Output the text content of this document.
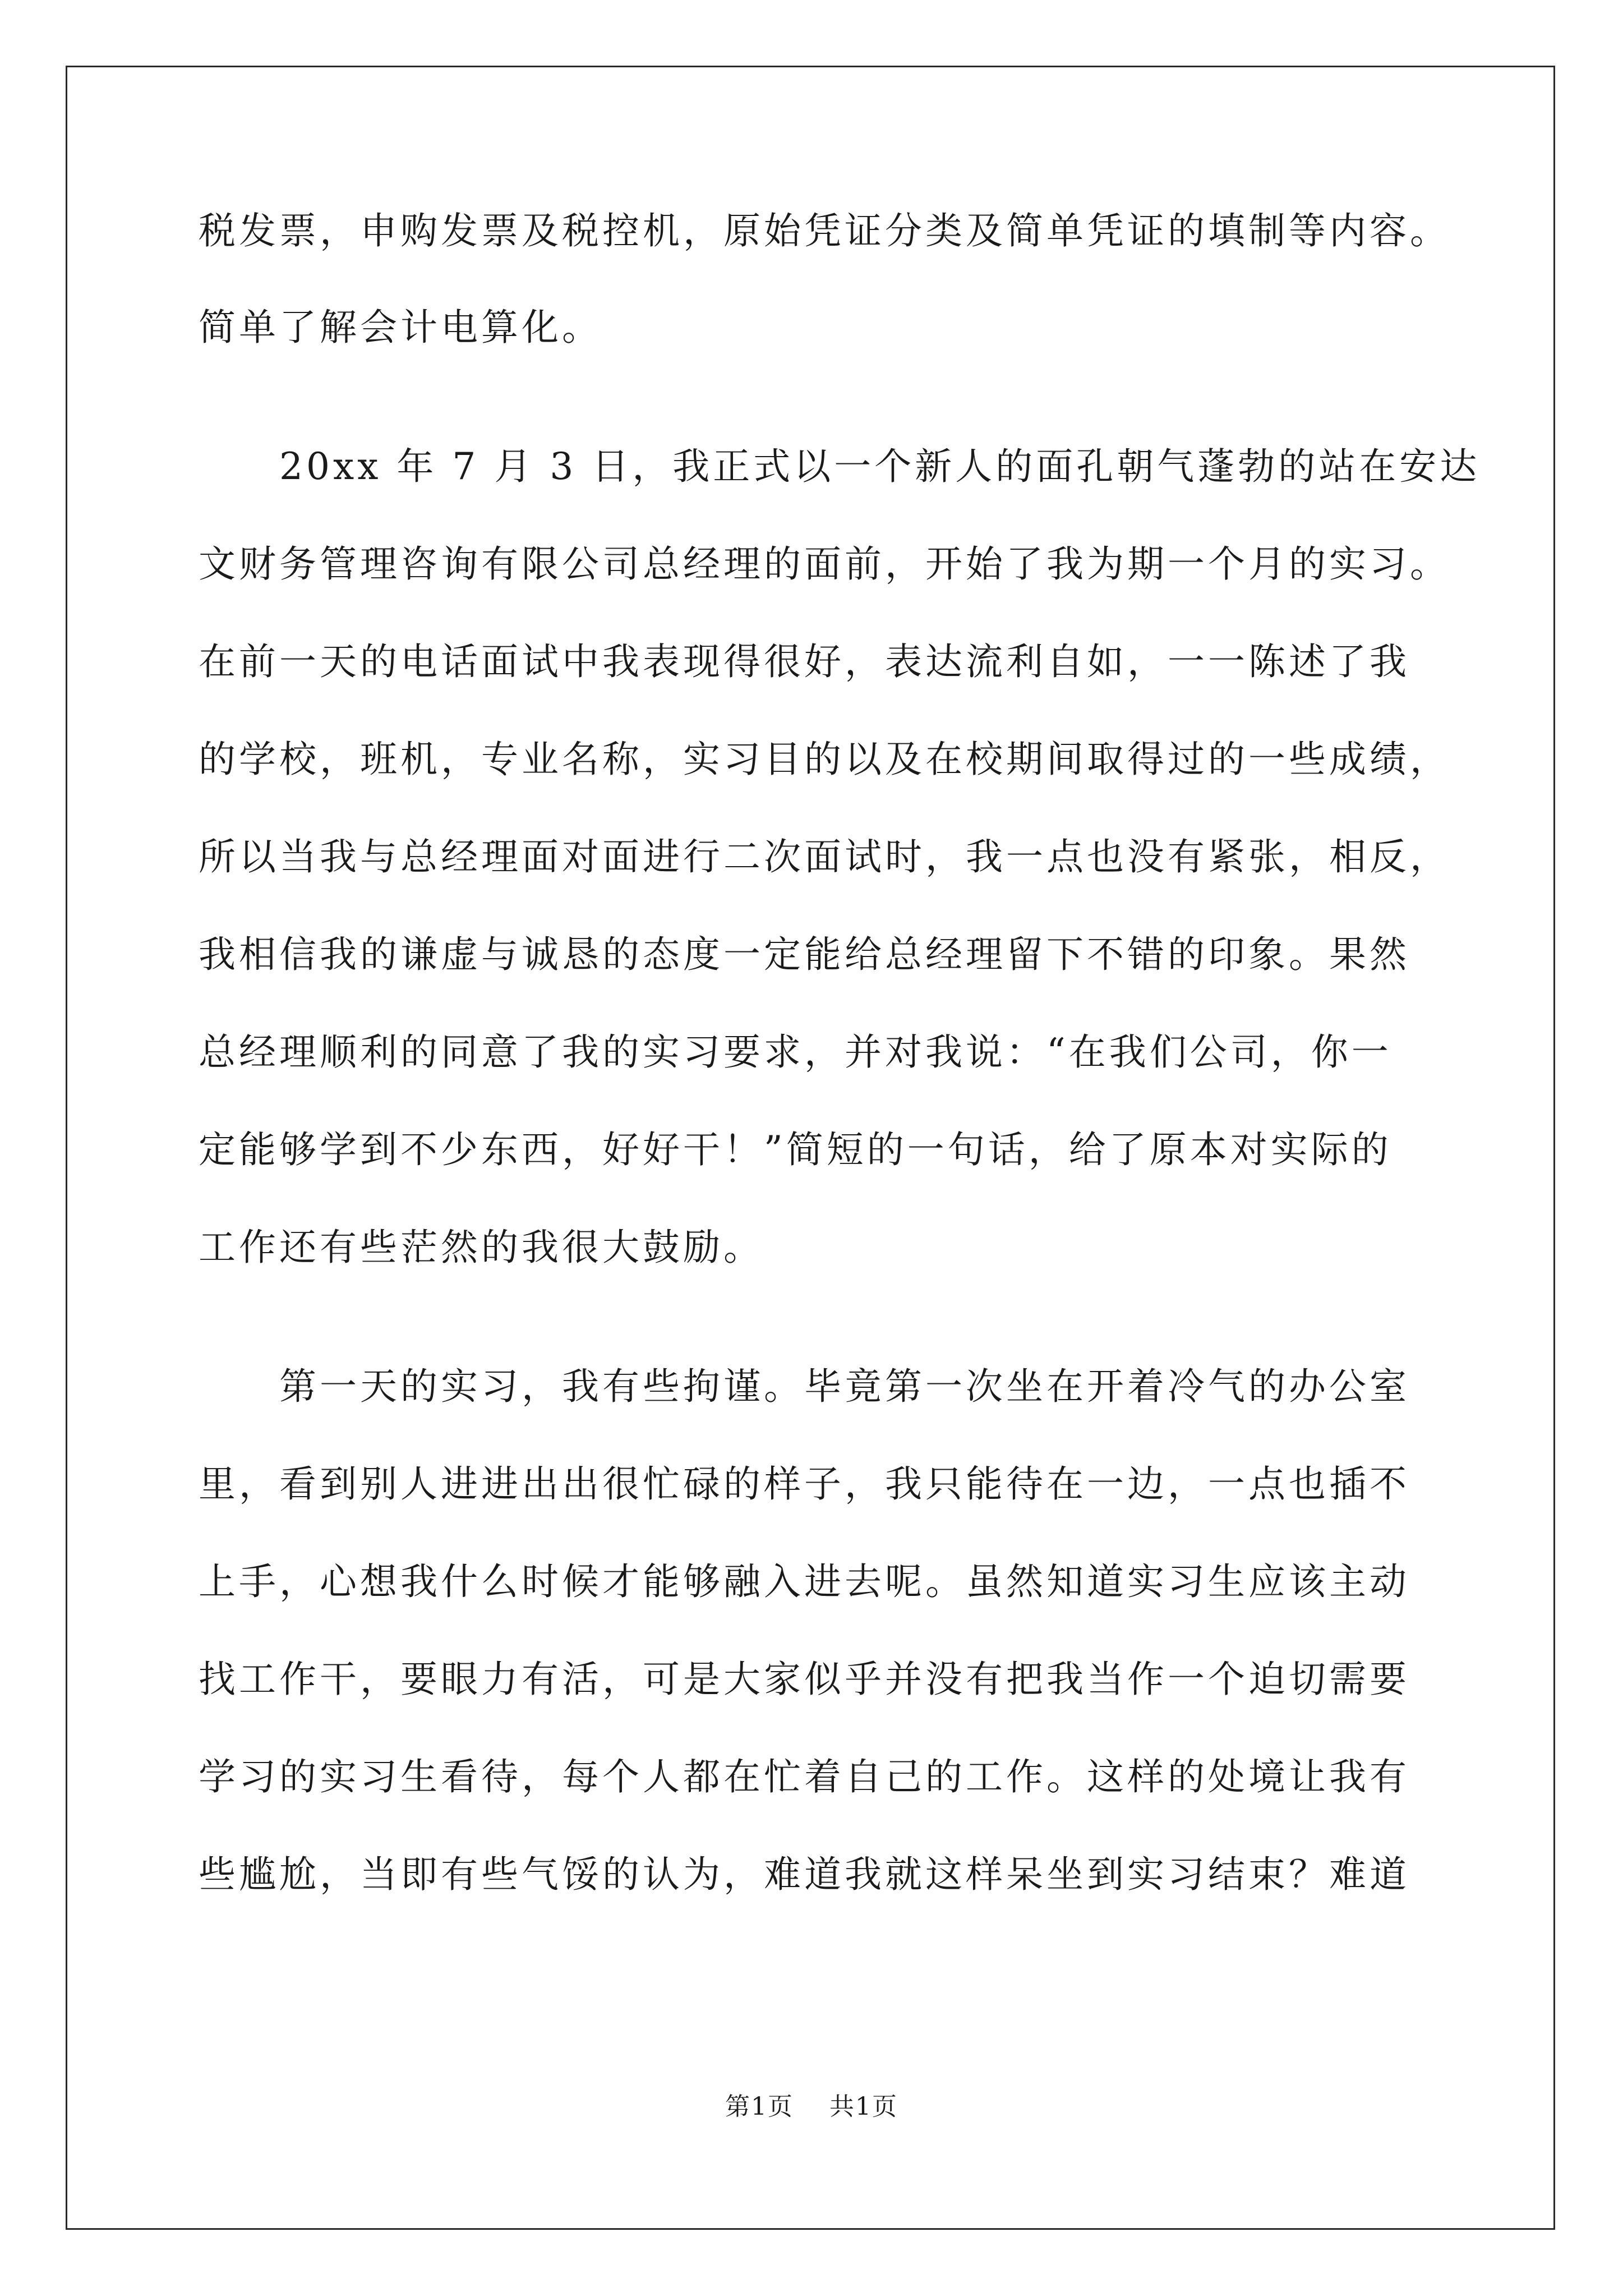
税发票，申购发票及税控机，原始凭证分类及简单凭证的填制等内容。
简单了解会计电算化。
　　20xx 年 7 月 3 日，我正式以一个新人的面孔朝气蓬勃的站在安达
文财务管理咨询有限公司总经理的面前，开始了我为期一个月的实习。
在前一天的电话面试中我表现得很好，表达流利自如，一一陈述了我
的学校，班机，专业名称，实习目的以及在校期间取得过的一些成绩，
所以当我与总经理面对面进行二次面试时，我一点也没有紧张，相反，
我相信我的谦虚与诚恳的态度一定能给总经理留下不错的印象。果然
总经理顺利的同意了我的实习要求，并对我说：“在我们公司，你一
定能够学到不少东西，好好干！”简短的一句话，给了原本对实际的
工作还有些茫然的我很大鼓励。
　　第一天的实习，我有些拘谨。毕竟第一次坐在开着冷气的办公室
里，看到别人进进出出很忙碌的样子，我只能待在一边，一点也插不
上手，心想我什么时候才能够融入进去呢。虽然知道实习生应该主动
找工作干，要眼力有活，可是大家似乎并没有把我当作一个迫切需要
学习的实习生看待，每个人都在忙着自己的工作。这样的处境让我有
些尴尬，当即有些气馁的认为，难道我就这样呆坐到实习结束？难道
第1页 共1页
